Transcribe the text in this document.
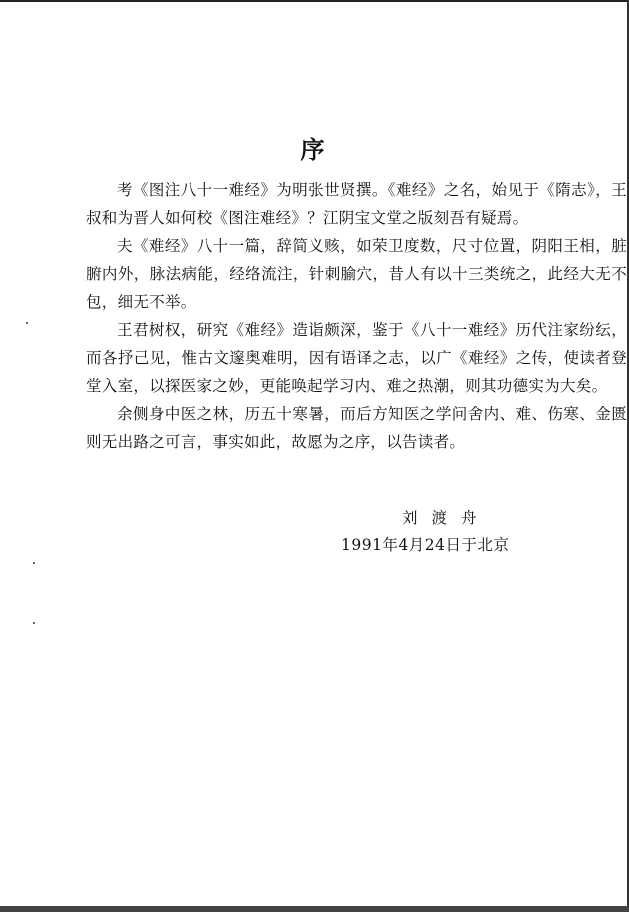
序

考《图注八十一难经》为明张世贤撰。《难经》之名，始见于《隋志》，王叔和为晋人如何校《图注难经》？江阴宝文堂之版刻吾有疑焉。

夫《难经》八十一篇，辞简义赅，如荣卫度数，尺寸位置，阴阳王相，脏腑内外，脉法病能，经络流注，针刺腧穴，昔人有以十三类统之，此经大无不包，细无不举。

王君树权，研究《难经》造诣颇深，鉴于《八十一难经》历代注家纷纭，而各抒己见，惟古文邃奥难明，因有语译之志，以广《难经》之传，使读者登堂入室，以探医家之妙，更能唤起学习内、难之热潮，则其功德实为大矣。

余侧身中医之林，历五十寒暑，而后方知医之学问舍内、难、伤寒、金匮则无出路之可言，事实如此，故愿为之序，以告读者。

刘渡舟
1991年4月24日于北京
